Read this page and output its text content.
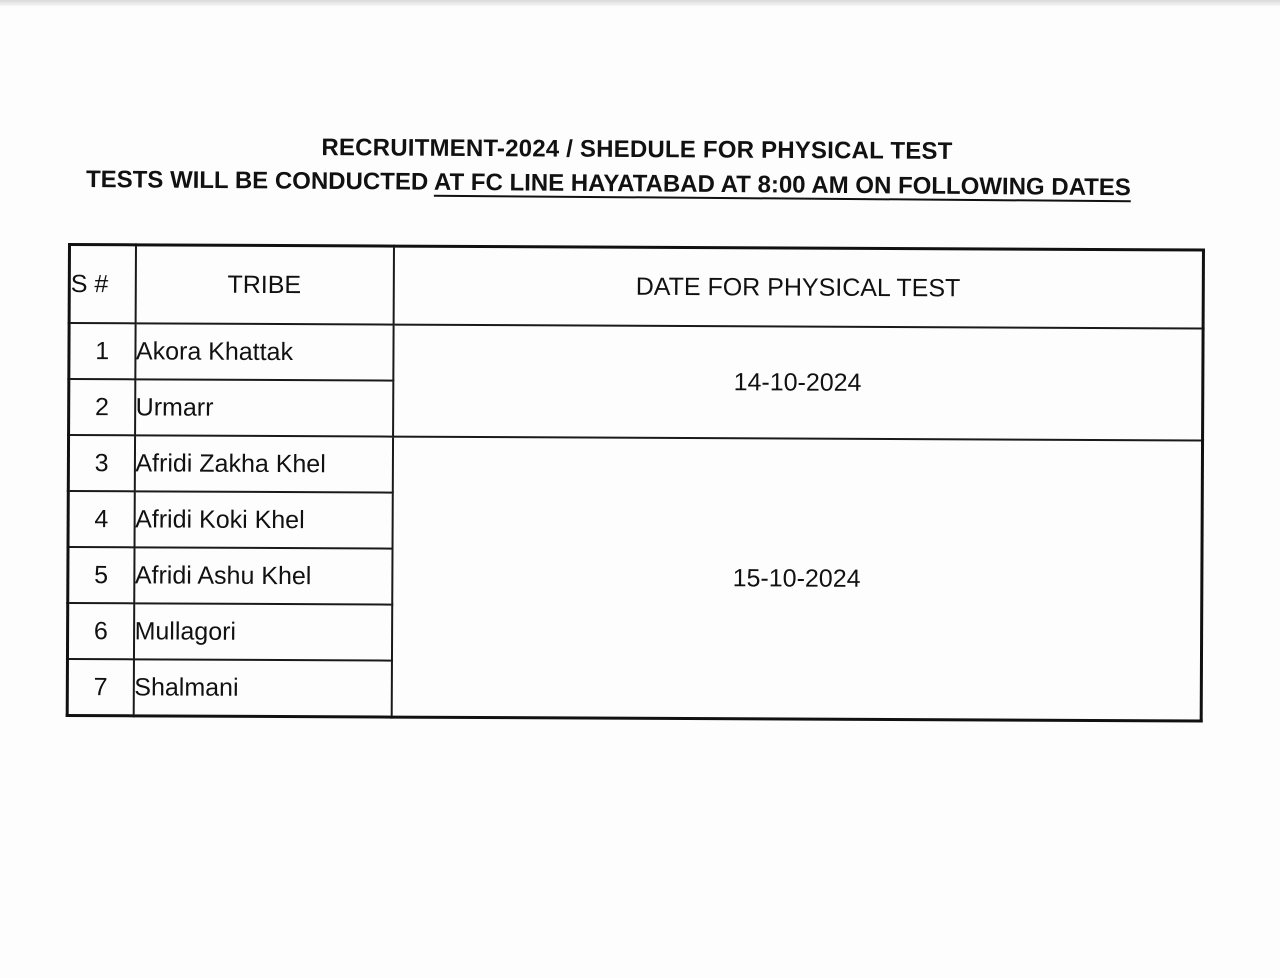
RECRUITMENT-2024 / SHEDULE FOR PHYSICAL TEST
TESTS WILL BE CONDUCTED AT FC LINE HAYATABAD AT 8:00 AM ON FOLLOWING DATES
S #	TRIBE	DATE FOR PHYSICAL TEST
1	Akora Khattak	14-10-2024
2	Urmarr	
3	Afridi Zakha Khel	15-10-2024
4	Afridi Koki Khel	
5	Afridi Ashu Khel	
6	Mullagori	
7	Shalmani	
